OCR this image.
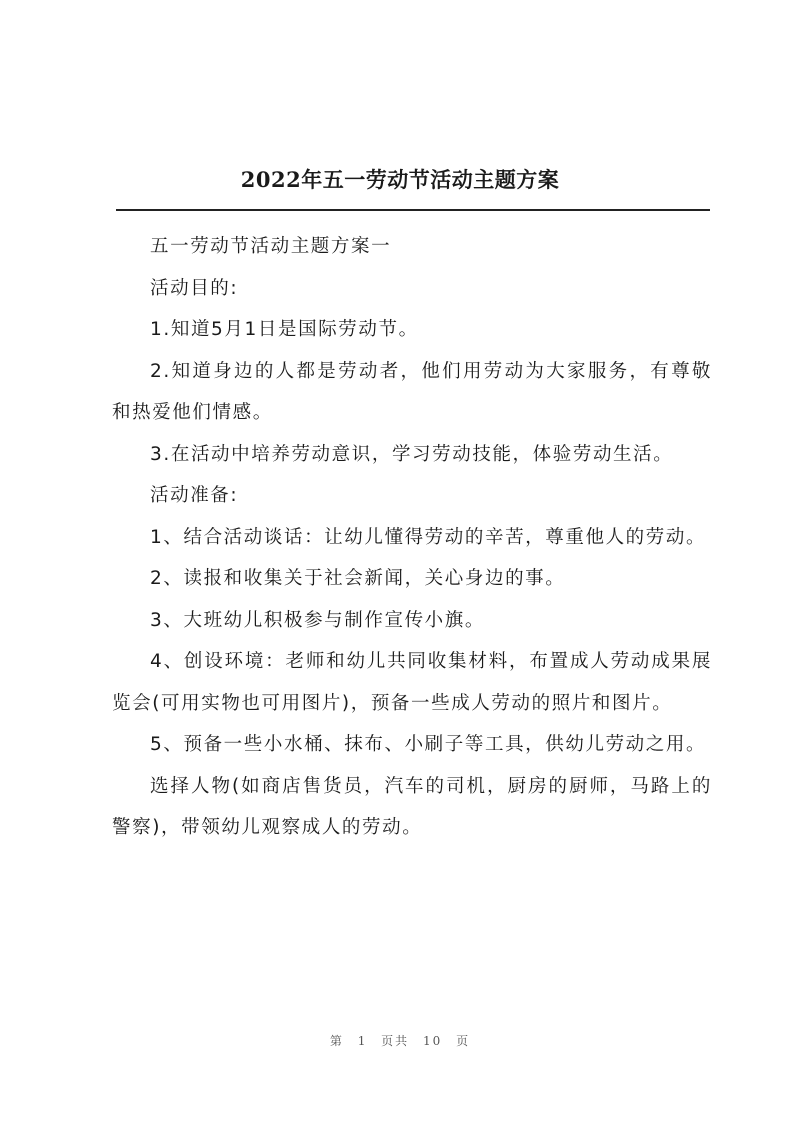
2022年五一劳动节活动主题方案

五一劳动节活动主题方案一

活动目的:

1.知道5月1日是国际劳动节。

2.知道身边的人都是劳动者，他们用劳动为大家服务，有尊敬和热爱他们情感。

3.在活动中培养劳动意识，学习劳动技能，体验劳动生活。

活动准备:

1、结合活动谈话：让幼儿懂得劳动的辛苦，尊重他人的劳动。

2、读报和收集关于社会新闻，关心身边的事。

3、大班幼儿积极参与制作宣传小旗。

4、创设环境：老师和幼儿共同收集材料，布置成人劳动成果展览会(可用实物也可用图片)，预备一些成人劳动的照片和图片。

5、预备一些小水桶、抹布、小刷子等工具，供幼儿劳动之用。

选择人物(如商店售货员，汽车的司机，厨房的厨师，马路上的警察)，带领幼儿观察成人的劳动。

第 1 页共 10 页
